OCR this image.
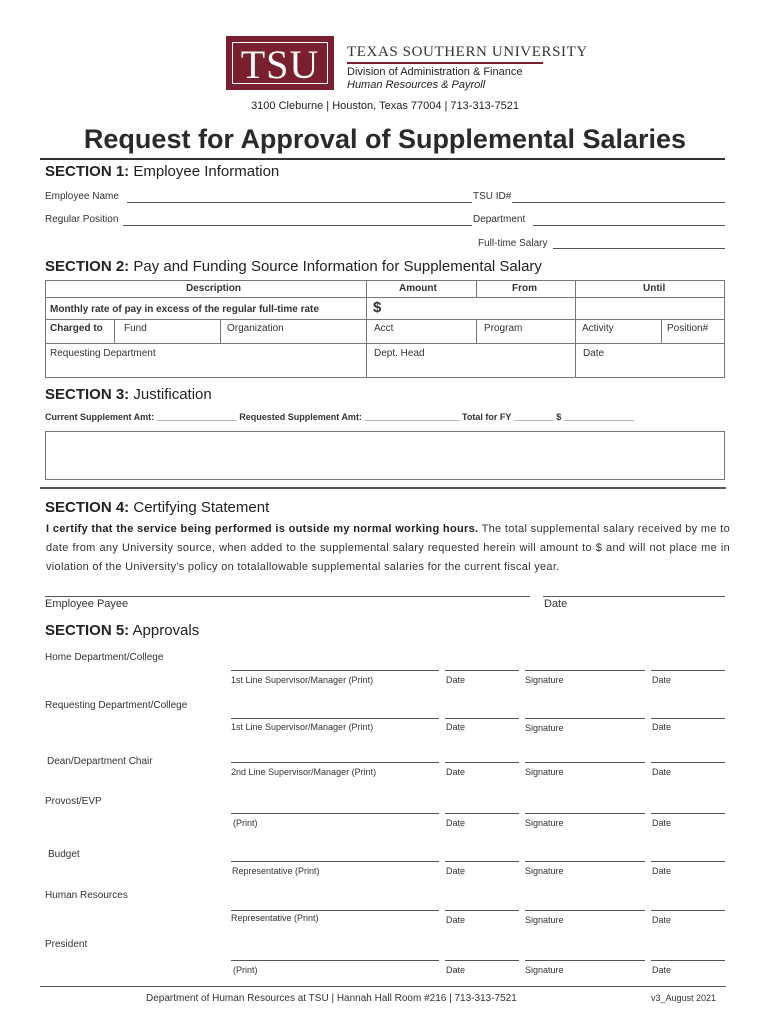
TSU	TEXAS SOUTHERN UNIVERSITY
Division of Administration & Finance
Human Resources & Payroll
3100 Cleburne | Houston, Texas 77004 | 713-313-7521
Request for Approval of Supplemental Salaries
SECTION 1: Employee Information
Employee Name	TSU ID#
Regular Position	Department
Full-time Salary
SECTION 2: Pay and Funding Source Information for Supplemental Salary
Description	Amount	From	Until
Monthly rate of pay in excess of the regular full-time rate	$
Charged to Fund	Organization	Acct	Program	Activity	Position#
Requesting Department	Dept. Head	Date
SECTION 3: Justification
Current Supplement Amt: ________________ Requested Supplement Amt: ___________________ Total for FY ________ $ ______________
SECTION 4: Certifying Statement
I certify that the service being performed is outside my normal working hours. The total supplemental salary received by me to date from any University source, when added to the supplemental salary requested herein will amount to $ and will not place me in violation of the University's policy on totalallowable supplemental salaries for the current fiscal year.
Employee Payee	Date
SECTION 5: Approvals
Home Department/College
1st Line Supervisor/Manager (Print)	Date	Signature	Date
Requesting Department/College
1st Line Supervisor/Manager (Print)	Date	Signature	Date
Dean/Department Chair
2nd Line Supervisor/Manager (Print)	Date	Signature	Date
Provost/EVP
(Print)	Date	Signature	Date
Budget
Representative (Print)	Date	Signature	Date
Human Resources
Representative (Print)	Date	Signature	Date
President
(Print)	Date	Signature	Date
Department of Human Resources at TSU | Hannah Hall Room #216 | 713-313-7521	v3_August 2021
